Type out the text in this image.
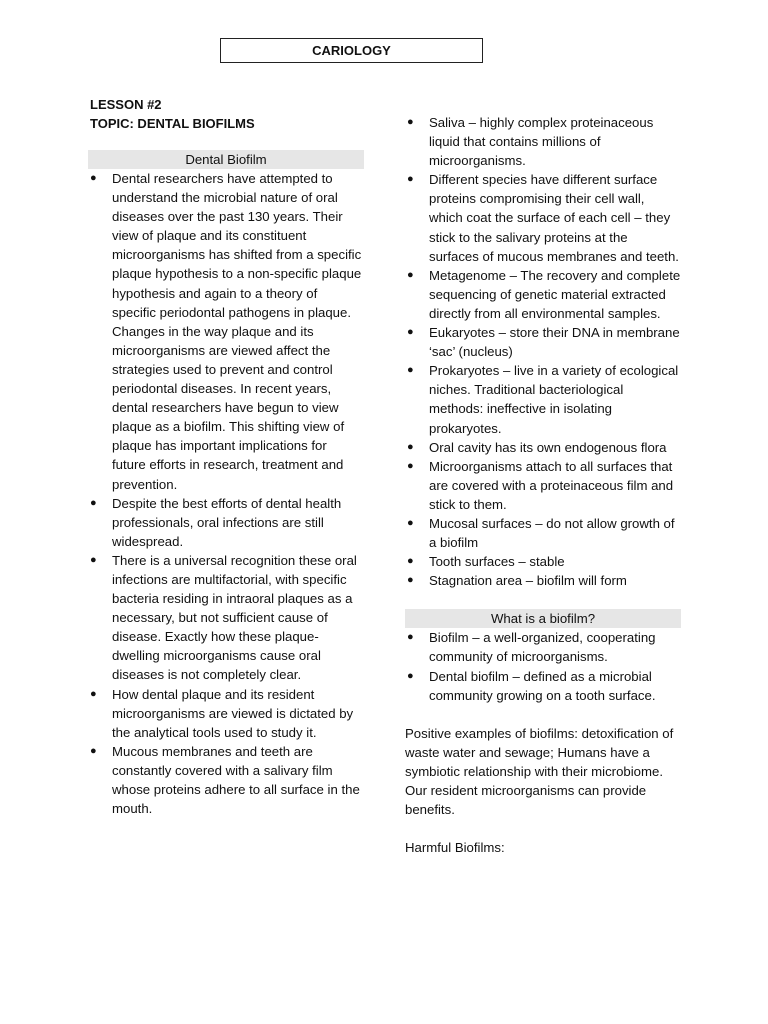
CARIOLOGY
LESSON #2
TOPIC: DENTAL BIOFILMS
Dental Biofilm
● Dental researchers have attempted to understand the microbial nature of oral diseases over the past 130 years. Their view of plaque and its constituent microorganisms has shifted from a specific plaque hypothesis to a non-specific plaque hypothesis and again to a theory of specific periodontal pathogens in plaque. Changes in the way plaque and its microorganisms are viewed affect the strategies used to prevent and control periodontal diseases. In recent years, dental researchers have begun to view plaque as a biofilm. This shifting view of plaque has important implications for future efforts in research, treatment and prevention.
● Despite the best efforts of dental health professionals, oral infections are still widespread.
● There is a universal recognition these oral infections are multifactorial, with specific bacteria residing in intraoral plaques as a necessary, but not sufficient cause of disease. Exactly how these plaque-dwelling microorganisms cause oral diseases is not completely clear.
● How dental plaque and its resident microorganisms are viewed is dictated by the analytical tools used to study it.
● Mucous membranes and teeth are constantly covered with a salivary film whose proteins adhere to all surface in the mouth.
● Saliva – highly complex proteinaceous liquid that contains millions of microorganisms.
● Different species have different surface proteins compromising their cell wall, which coat the surface of each cell – they stick to the salivary proteins at the surfaces of mucous membranes and teeth.
● Metagenome – The recovery and complete sequencing of genetic material extracted directly from all environmental samples.
● Eukaryotes – store their DNA in membrane ‘sac’ (nucleus)
● Prokaryotes – live in a variety of ecological niches. Traditional bacteriological methods: ineffective in isolating prokaryotes.
● Oral cavity has its own endogenous flora
● Microorganisms attach to all surfaces that are covered with a proteinaceous film and stick to them.
● Mucosal surfaces – do not allow growth of a biofilm
● Tooth surfaces – stable
● Stagnation area – biofilm will form
What is a biofilm?
● Biofilm – a well-organized, cooperating community of microorganisms.
● Dental biofilm – defined as a microbial community growing on a tooth surface.

Positive examples of biofilms: detoxification of waste water and sewage; Humans have a symbiotic relationship with their microbiome. Our resident microorganisms can provide benefits.

Harmful Biofilms:
